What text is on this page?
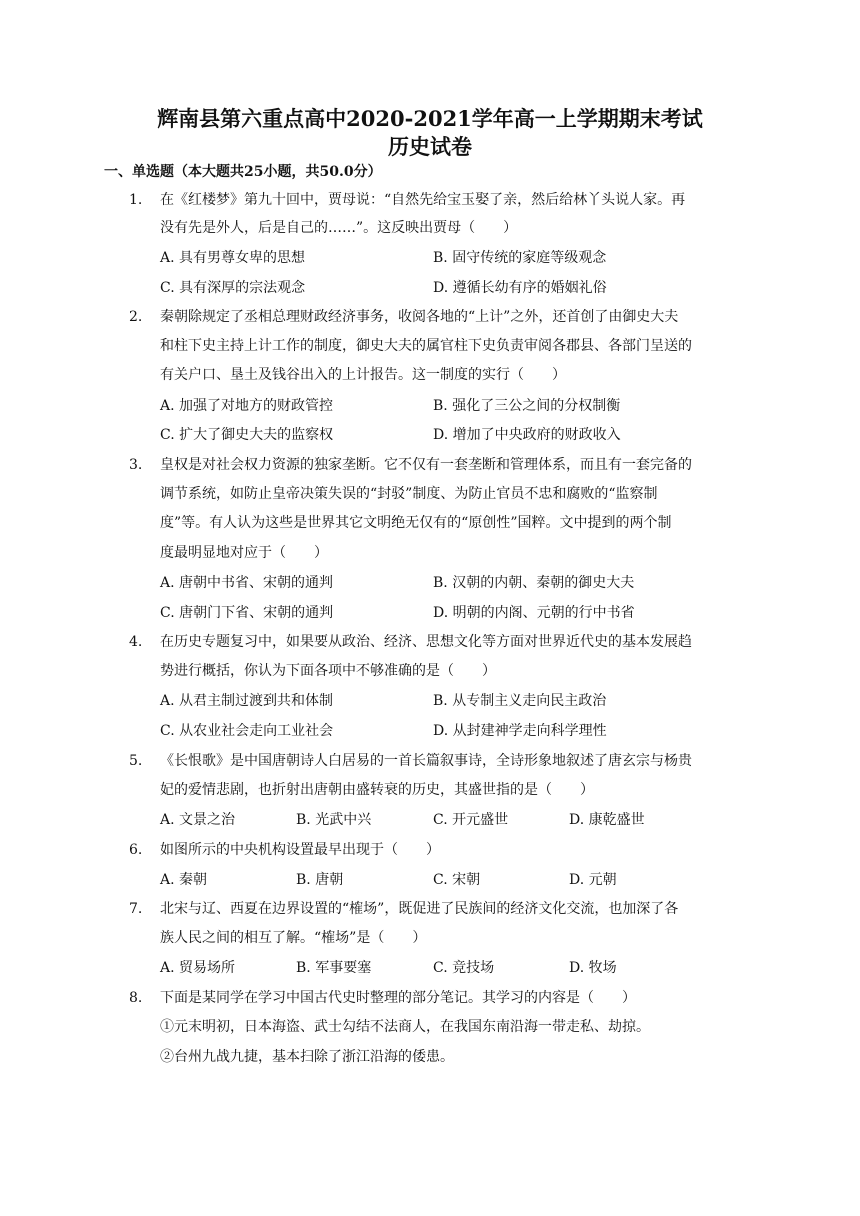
辉南县第六重点高中2020-2021学年高一上学期期末考试
历史试卷
一、单选题（本大题共25小题，共50.0分）
1.	在《红楼梦》第九十回中，贾母说：“自然先给宝玉娶了亲，然后给林丫头说人家。再
没有先是外人，后是自己的……”。这反映出贾母（　　）
A. 具有男尊女卑的思想	B. 固守传统的家庭等级观念
C. 具有深厚的宗法观念	D. 遵循长幼有序的婚姻礼俗
2.	秦朝除规定了丞相总理财政经济事务，收阅各地的“上计”之外，还首创了由御史大夫
和柱下史主持上计工作的制度，御史大夫的属官柱下史负责审阅各郡县、各部门呈送的
有关户口、垦土及钱谷出入的上计报告。这一制度的实行（　　）
A. 加强了对地方的财政管控	B. 强化了三公之间的分权制衡
C. 扩大了御史大夫的监察权	D. 增加了中央政府的财政收入
3.	皇权是对社会权力资源的独家垄断。它不仅有一套垄断和管理体系，而且有一套完备的
调节系统，如防止皇帝决策失误的“封驳”制度、为防止官员不忠和腐败的“监察制
度”等。有人认为这些是世界其它文明绝无仅有的“原创性”国粹。文中提到的两个制
度最明显地对应于（　　）
A. 唐朝中书省、宋朝的通判	B. 汉朝的内朝、秦朝的御史大夫
C. 唐朝门下省、宋朝的通判	D. 明朝的内阁、元朝的行中书省
4.	在历史专题复习中，如果要从政治、经济、思想文化等方面对世界近代史的基本发展趋
势进行概括，你认为下面各项中不够准确的是（　　）
A. 从君主制过渡到共和体制	B. 从专制主义走向民主政治
C. 从农业社会走向工业社会	D. 从封建神学走向科学理性
5.	《长恨歌》是中国唐朝诗人白居易的一首长篇叙事诗，全诗形象地叙述了唐玄宗与杨贵
妃的爱情悲剧，也折射出唐朝由盛转衰的历史，其盛世指的是（　　）
A. 文景之治	B. 光武中兴	C. 开元盛世	D. 康乾盛世
6.	如图所示的中央机构设置最早出现于（　　）
A. 秦朝	B. 唐朝	C. 宋朝	D. 元朝
7.	北宋与辽、西夏在边界设置的“榷场”，既促进了民族间的经济文化交流，也加深了各
族人民之间的相互了解。“榷场”是（　　）
A. 贸易场所	B. 军事要塞	C. 竞技场	D. 牧场
8.	下面是某同学在学习中国古代史时整理的部分笔记。其学习的内容是（　　）
①元末明初，日本海盗、武士勾结不法商人，在我国东南沿海一带走私、劫掠。
②台州九战九捷，基本扫除了浙江沿海的倭患。
